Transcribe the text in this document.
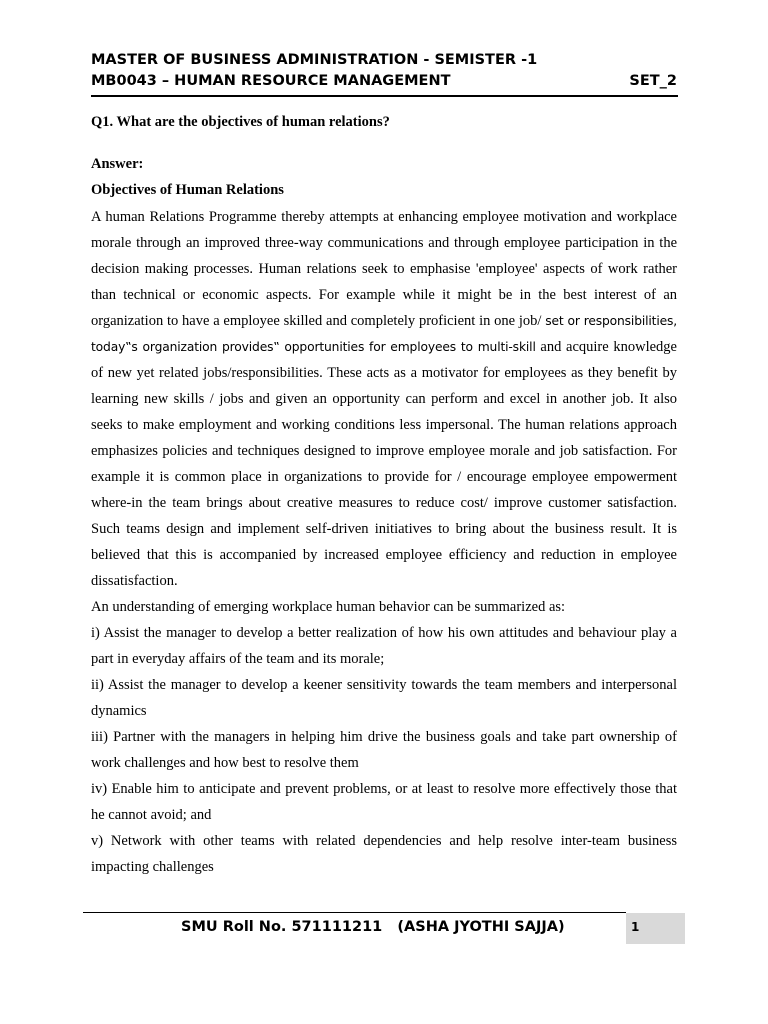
MASTER OF BUSINESS ADMINISTRATION - SEMISTER -1
MB0043 – HUMAN RESOURCE MANAGEMENT	SET_2
Q1. What are the objectives of human relations?
Answer:
Objectives of Human Relations
A human Relations Programme thereby attempts at enhancing employee motivation and workplace morale through an improved three-way communications and through employee participation in the decision making processes. Human relations seek to emphasise 'employee' aspects of work rather than technical or economic aspects. For example while it might be in the best interest of an organization to have a employee skilled and completely proficient in one job/ set or responsibilities, today‟s organization provides‟ opportunities for employees to multi-skill and acquire knowledge of new yet related jobs/responsibilities. These acts as a motivator for employees as they benefit by learning new skills / jobs and given an opportunity can perform and excel in another job. It also seeks to make employment and working conditions less impersonal. The human relations approach emphasizes policies and techniques designed to improve employee morale and job satisfaction. For example it is common place in organizations to provide for / encourage employee empowerment where-in the team brings about creative measures to reduce cost/ improve customer satisfaction. Such teams design and implement self-driven initiatives to bring about the business result. It is believed that this is accompanied by increased employee efficiency and reduction in employee dissatisfaction.
An understanding of emerging workplace human behavior can be summarized as:
i) Assist the manager to develop a better realization of how his own attitudes and behaviour play a part in everyday affairs of the team and its morale;
ii) Assist the manager to develop a keener sensitivity towards the team members and interpersonal dynamics
iii) Partner with the managers in helping him drive the business goals and take part ownership of work challenges and how best to resolve them
iv) Enable him to anticipate and prevent problems, or at least to resolve more effectively those that he cannot avoid; and
v) Network with other teams with related dependencies and help resolve inter-team business impacting challenges
SMU Roll No. 571111211   (ASHA JYOTHI SAJJA)	1
